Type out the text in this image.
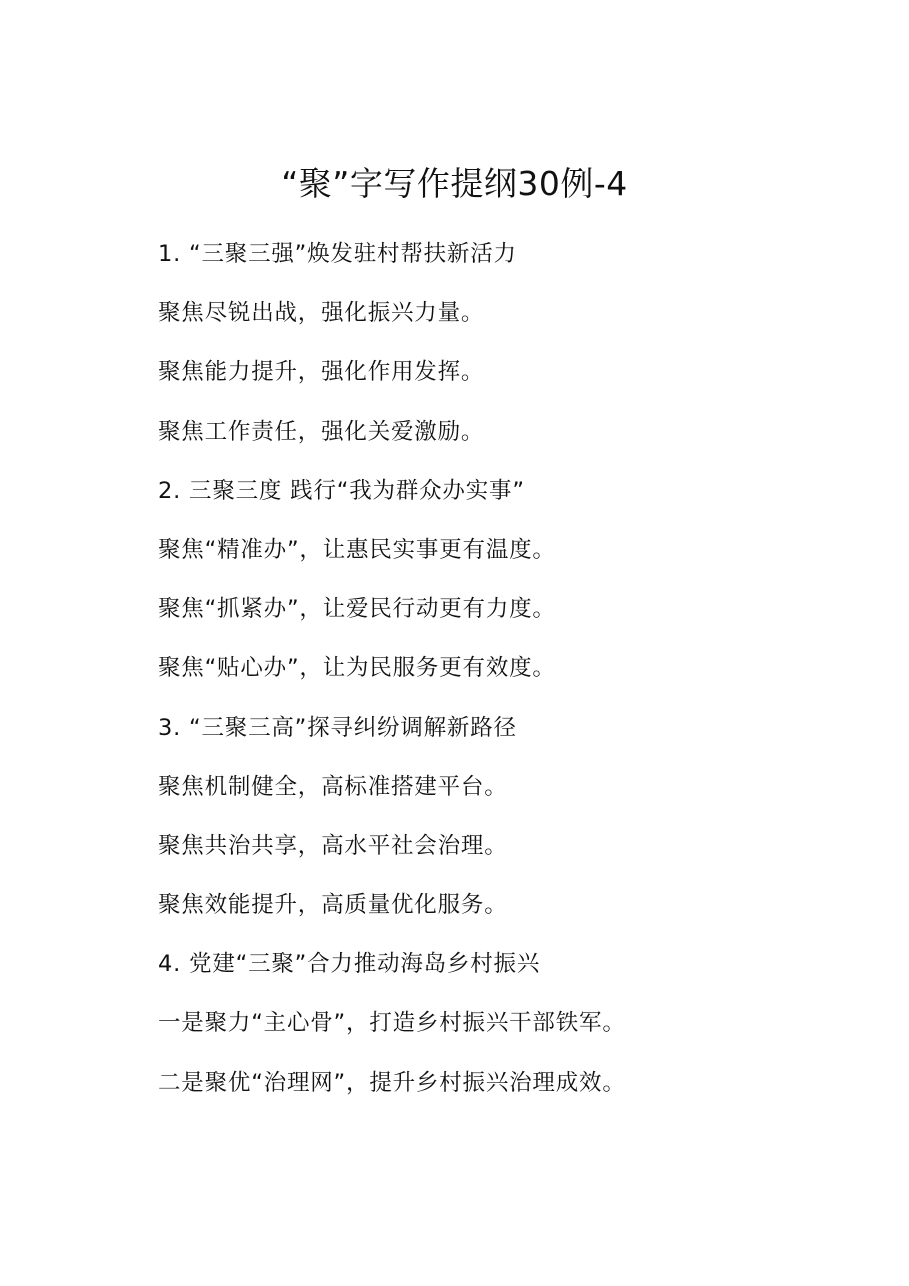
“聚”字写作提纲30例-4
1. “三聚三强”焕发驻村帮扶新活力
聚焦尽锐出战，强化振兴力量。
聚焦能力提升，强化作用发挥。
聚焦工作责任，强化关爱激励。
2. 三聚三度 践行“我为群众办实事”
聚焦“精准办”，让惠民实事更有温度。
聚焦“抓紧办”，让爱民行动更有力度。
聚焦“贴心办”，让为民服务更有效度。
3. “三聚三高”探寻纠纷调解新路径
聚焦机制健全，高标准搭建平台。
聚焦共治共享，高水平社会治理。
聚焦效能提升，高质量优化服务。
4. 党建“三聚”合力推动海岛乡村振兴
一是聚力“主心骨”，打造乡村振兴干部铁军。
二是聚优“治理网”，提升乡村振兴治理成效。
